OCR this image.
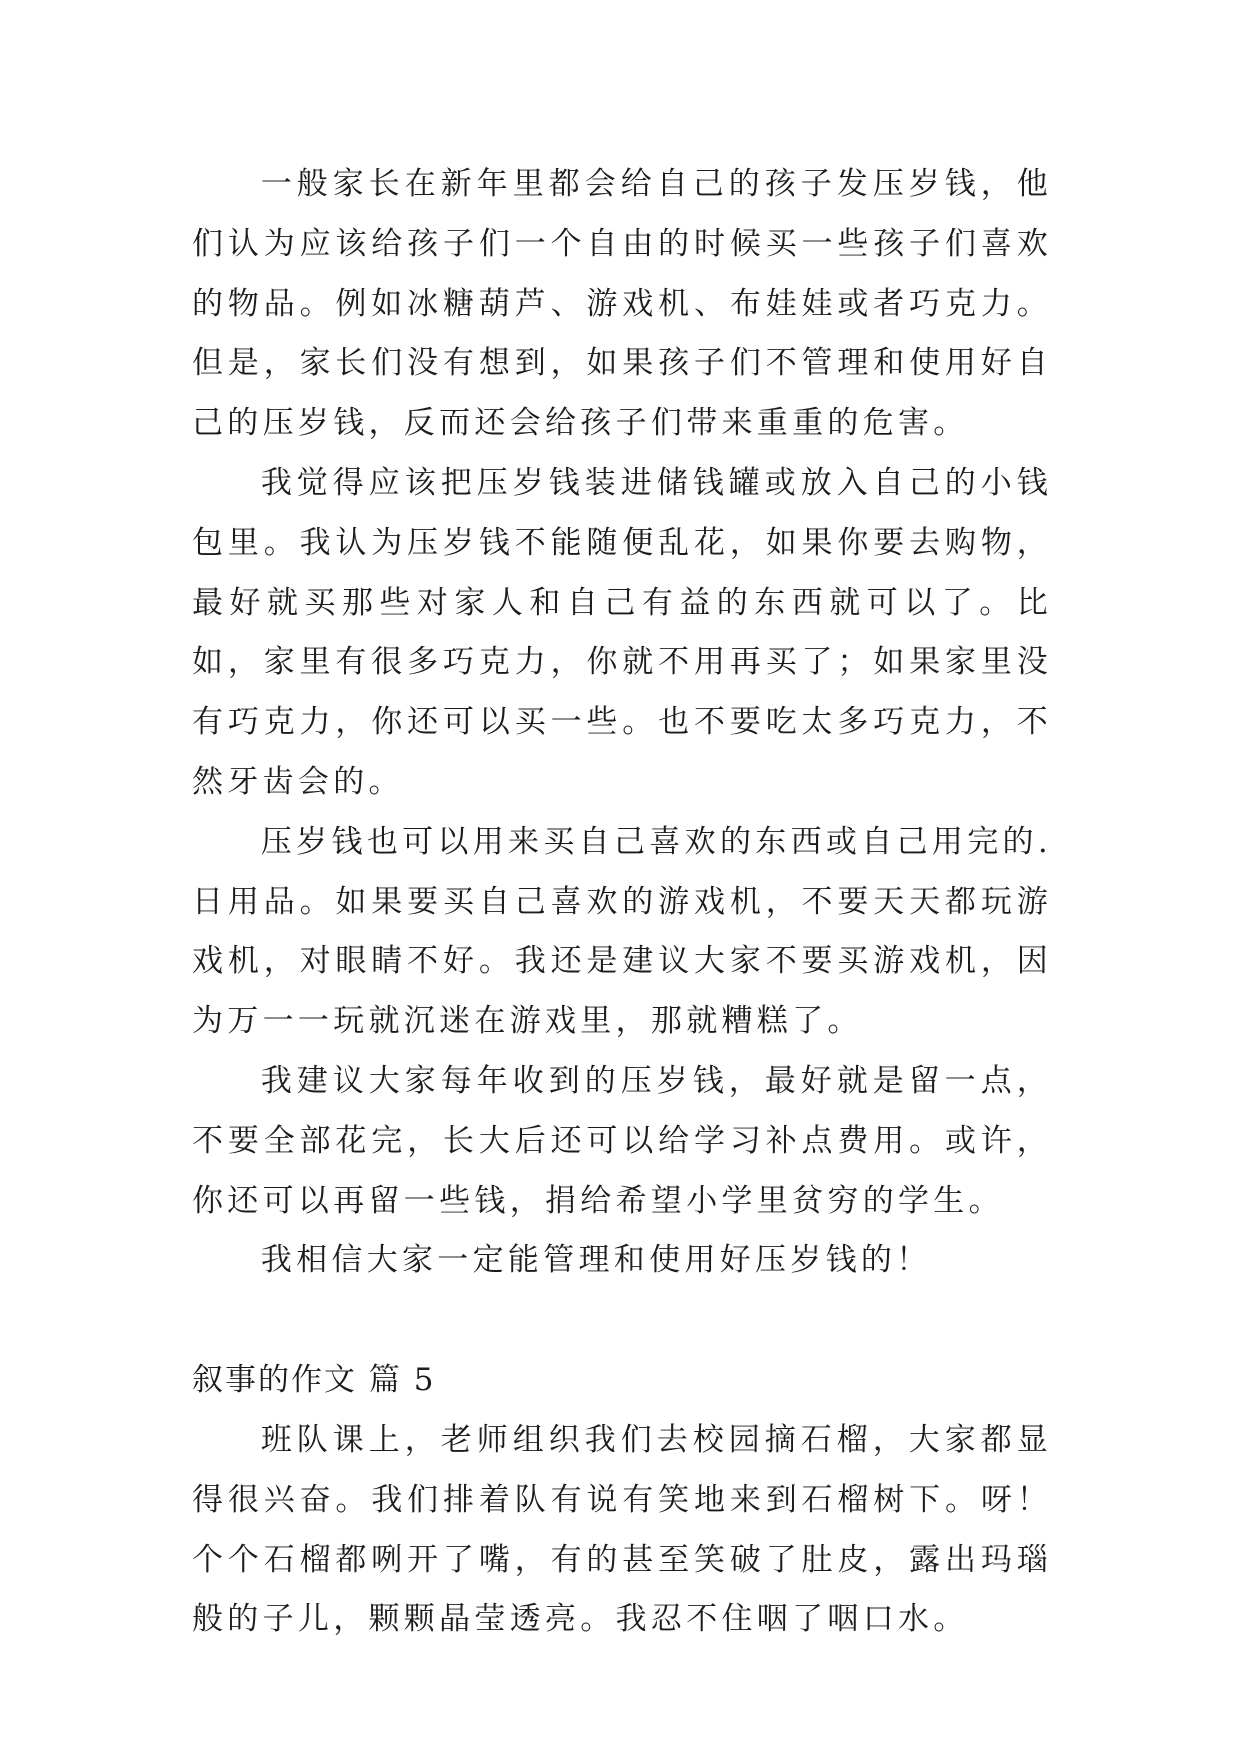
一般家长在新年里都会给自己的孩子发压岁钱，他们认为应该给孩子们一个自由的时候买一些孩子们喜欢的物品。例如冰糖葫芦、游戏机、布娃娃或者巧克力。但是，家长们没有想到，如果孩子们不管理和使用好自己的压岁钱，反而还会给孩子们带来重重的危害。

我觉得应该把压岁钱装进储钱罐或放入自己的小钱包里。我认为压岁钱不能随便乱花，如果你要去购物，最好就买那些对家人和自己有益的东西就可以了。比如，家里有很多巧克力，你就不用再买了；如果家里没有巧克力，你还可以买一些。也不要吃太多巧克力，不然牙齿会的。

压岁钱也可以用来买自己喜欢的东西或自己用完的.日用品。如果要买自己喜欢的游戏机，不要天天都玩游戏机，对眼睛不好。我还是建议大家不要买游戏机，因为万一一玩就沉迷在游戏里，那就糟糕了。

我建议大家每年收到的压岁钱，最好就是留一点，不要全部花完，长大后还可以给学习补点费用。或许，你还可以再留一些钱，捐给希望小学里贫穷的学生。

我相信大家一定能管理和使用好压岁钱的！

叙事的作文 篇 5

班队课上，老师组织我们去校园摘石榴，大家都显得很兴奋。我们排着队有说有笑地来到石榴树下。呀！个个石榴都咧开了嘴，有的甚至笑破了肚皮，露出玛瑙般的子儿，颗颗晶莹透亮。我忍不住咽了咽口水。
